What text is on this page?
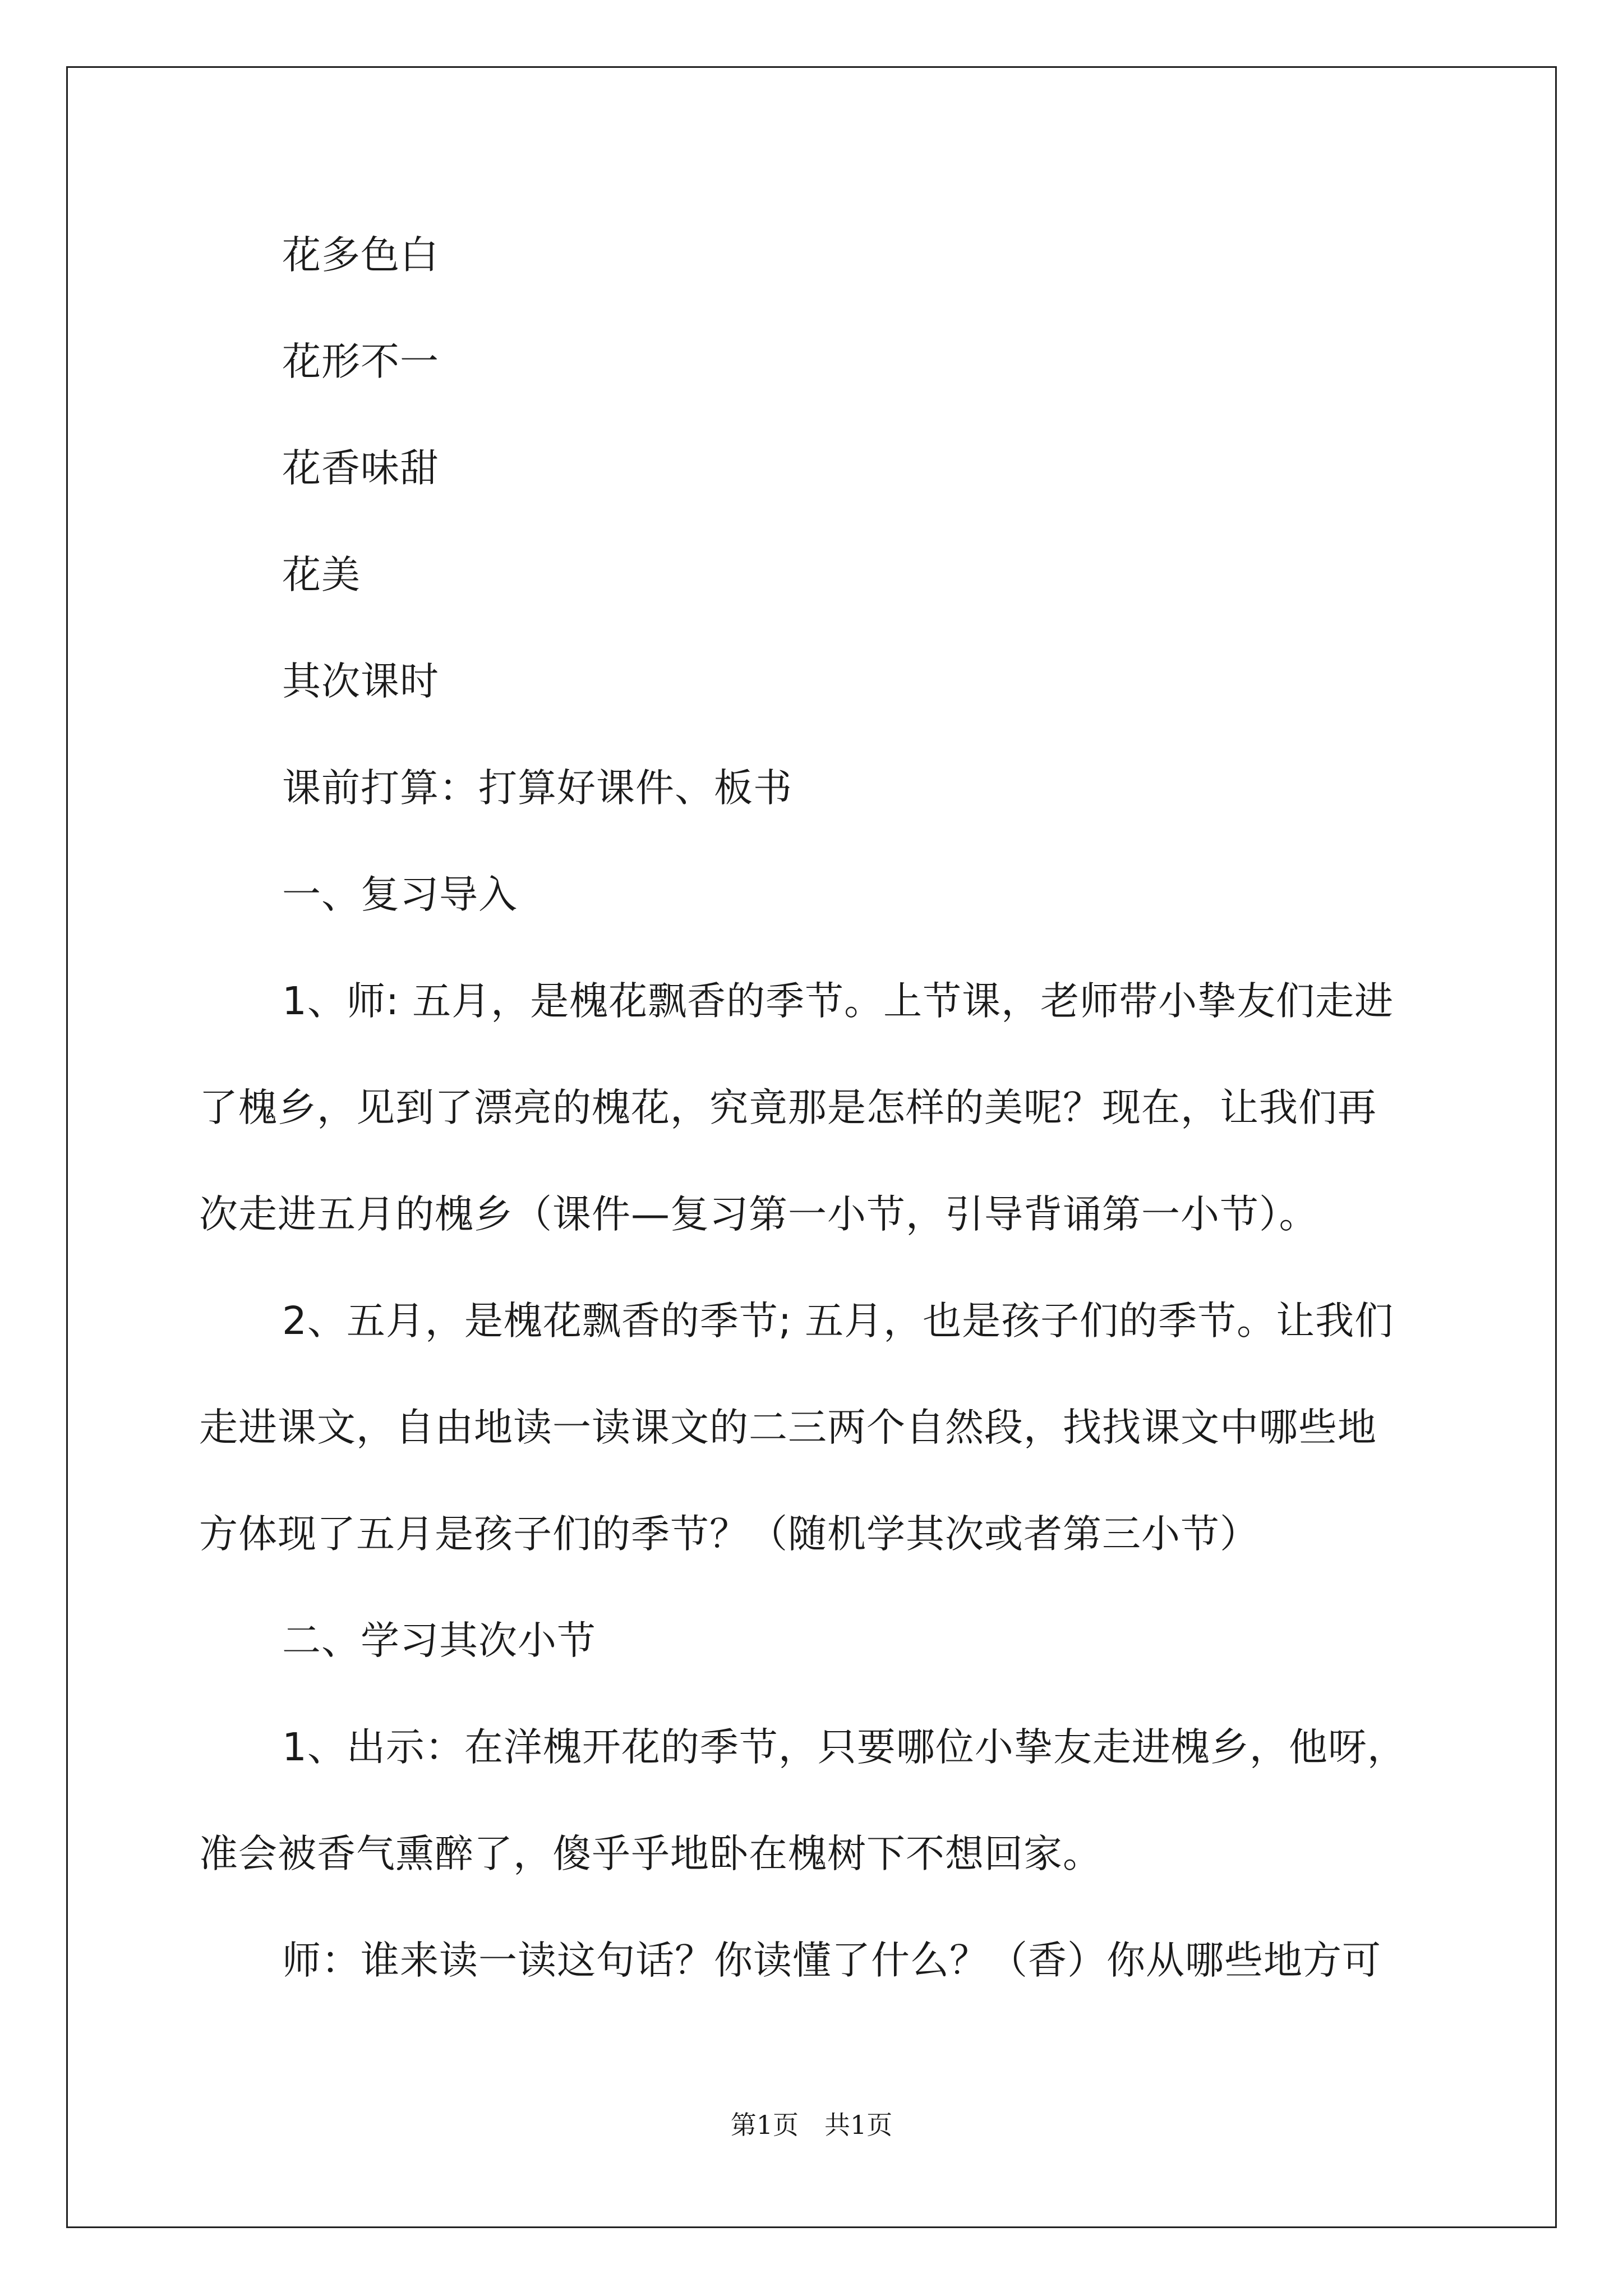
花多色白

花形不一

花香味甜

花美

其次课时

课前打算：打算好课件、板书

一、复习导入

1、师: 五月，是槐花飘香的季节。上节课，老师带小挚友们走进

了槐乡，见到了漂亮的槐花，究竟那是怎样的美呢？现在，让我们再

次走进五月的槐乡（课件—复习第一小节，引导背诵第一小节）。

2、五月，是槐花飘香的季节; 五月，也是孩子们的季节。让我们

走进课文，自由地读一读课文的二三两个自然段，找找课文中哪些地

方体现了五月是孩子们的季节？（随机学其次或者第三小节）

二、学习其次小节

1、出示：在洋槐开花的季节，只要哪位小挚友走进槐乡，他呀，

准会被香气熏醉了，傻乎乎地卧在槐树下不想回家。

师：谁来读一读这句话？你读懂了什么？（香）你从哪些地方可

第1页　共1页
